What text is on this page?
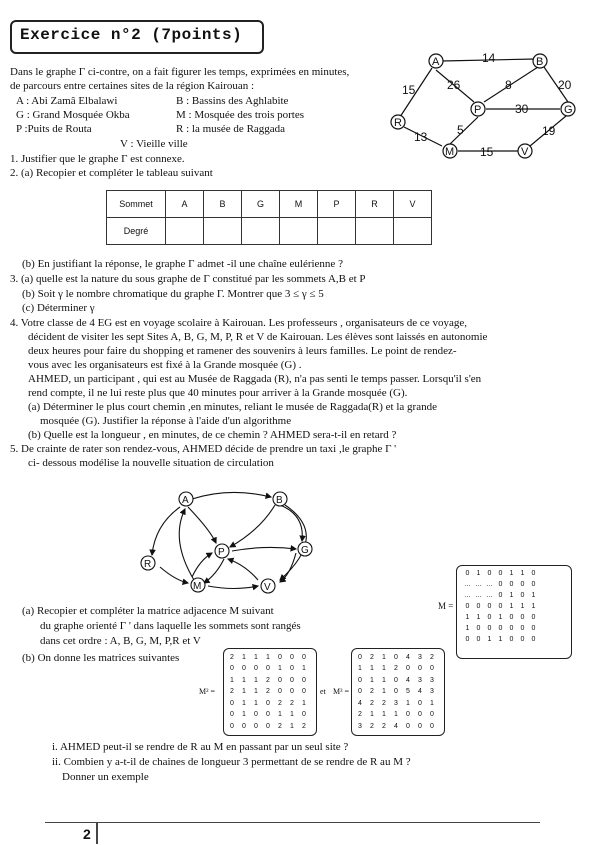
Exercice n°2 (7points)
Dans le graphe Γ ci-contre, on a fait figurer les temps, exprimées en minutes,
de parcours entre certaines sites de la région Kairouan :
A : Abi Zamâ Elbalawi	B : Bassins des Aghlabite
G : Grand Mosquée Okba	M : Mosquée des trois portes
P :Puits de Routa	R : la musée de Raggada
V : Vieille ville
1. Justifier que le graphe Γ est connexe.
2. (a) Recopier et compléter le tableau suivant
A	B
P	G
R
M	V
14
15	26	8	20
30
13 5	19
15
Sommet	A	B	G	M	P	R	V
Degré							
(b) En justifiant la réponse, le graphe Γ admet -il une chaîne eulérienne ?
3. (a) quelle est la nature du sous graphe de Γ constitué par les sommets A,B et P
(b) Soit γ le nombre chromatique du graphe Γ. Montrer que 3 ≤ γ ≤ 5
(c) Déterminer γ
4. Votre classe de 4 EG est en voyage scolaire à Kairouan. Les professeurs , organisateurs de ce voyage,
décident de visiter les sept Sites A, B, G, M, P, R et V de Kairouan. Les élèves sont laissés en autonomie
deux heures pour faire du shopping et ramener des souvenirs à leurs familles. Le point de rendez-
vous avec les organisateurs est fixé à la Grande mosquée (G) .
AHMED, un participant , qui est au Musée de Raggada (R), n'a pas senti le temps passer. Lorsqu'il s'en
rend compte, il ne lui reste plus que 40 minutes pour arriver à la Grande mosquée (G).
(a) Déterminer le plus court chemin ,en minutes, reliant le musée de Raggada(R) et la grande
mosquée (G). Justifier la réponse à l'aide d'un algorithme
(b) Quelle est la longueur , en minutes, de ce chemin ? AHMED sera-t-il en retard ?
5. De crainte de rater son rendez-vous, AHMED décide de prendre un taxi ,le graphe Γ '
ci- dessous modélise la nouvelle situation de circulation
A	B
P	G
R
M	V
M =
0	1	0	0	1	1	0
…	…	…	0	0	0	0
…	…	…	0	1	0	1
0	0	0	0	1	1	1
1	1	0	1	0	0	0
1	0	0	0	0	0	0
0	0	1	1	0	0	0
(a) Recopier et compléter la matrice adjacence M suivant
du graphe orienté Γ ' dans laquelle les sommets sont rangés
dans cet ordre : A, B, G, M, P,R et V
(b) On donne les matrices suivantes
M² =
2	1	1	1	0	0	0
0	0	0	0	1	0	1
1	1	1	2	0	0	0
2	1	1	2	0	0	0
0	1	1	0	2	2	1
0	1	0	0	1	1	0
0	0	0	0	2	1	2
et M³ =
0	2	1	0	4	3	2
1	1	1	2	0	0	0
0	1	1	0	4	3	3
0	2	1	0	5	4	3
4	2	2	3	1	0	1
2	1	1	1	0	0	0
3	2	2	4	0	0	0
i. AHMED peut-il se rendre de R au M en passant par un seul site ?
ii. Combien y a-t-il de chaines de longueur 3 permettant de se rendre de R au M ?
Donner un exemple
2
